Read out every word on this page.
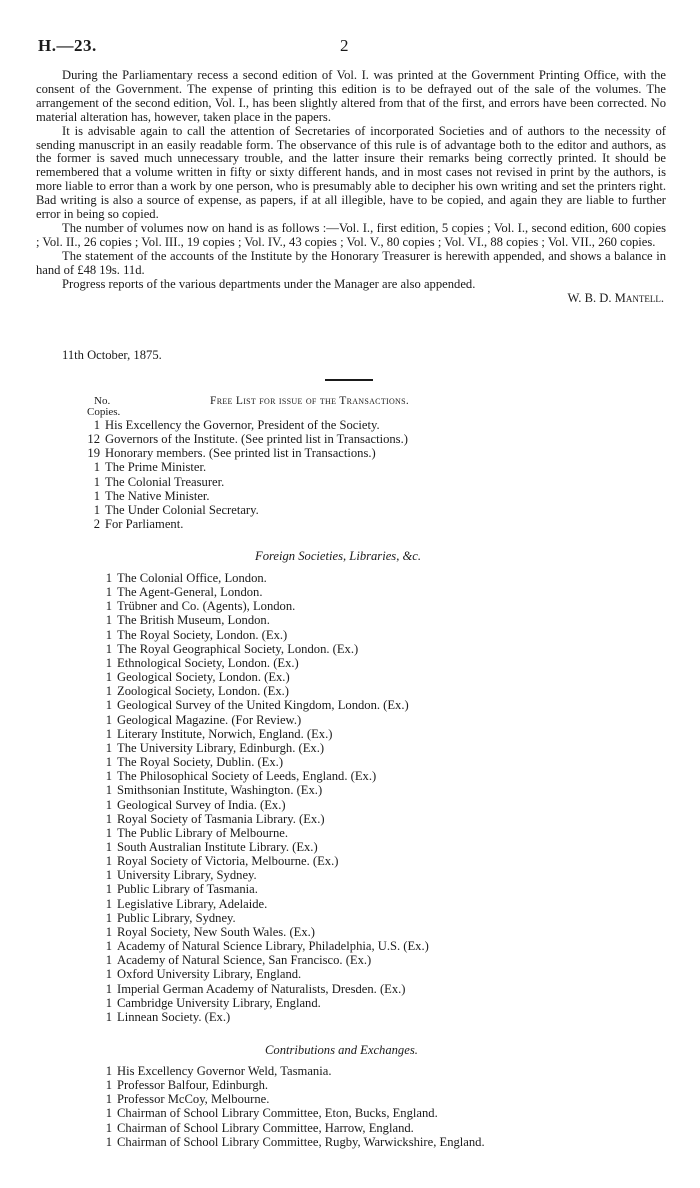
H.—23.	2

During the Parliamentary recess a second edition of Vol. I. was printed at the Government Printing Office, with the consent of the Government. The expense of printing this edition is to be defrayed out of the sale of the volumes. The arrangement of the second edition, Vol. I., has been slightly altered from that of the first, and errors have been corrected. No material alteration has, however, taken place in the papers.

It is advisable again to call the attention of Secretaries of incorporated Societies and of authors to the necessity of sending manuscript in an easily readable form. The observance of this rule is of advantage both to the editor and authors, as the former is saved much unnecessary trouble, and the latter insure their remarks being correctly printed. It should be remembered that a volume written in fifty or sixty different hands, and in most cases not revised in print by the authors, is more liable to error than a work by one person, who is presumably able to decipher his own writing and set the printers right. Bad writing is also a source of expense, as papers, if at all illegible, have to be copied, and again they are liable to further error in being so copied.

The number of volumes now on hand is as follows :—Vol. I., first edition, 5 copies ; Vol. I., second edition, 600 copies ; Vol. II., 26 copies ; Vol. III., 19 copies ; Vol. IV., 43 copies ; Vol. V., 80 copies ; Vol. VI., 88 copies ; Vol. VII., 260 copies.

The statement of the accounts of the Institute by the Honorary Treasurer is herewith appended, and shows a balance in hand of £48 19s. 11d.

Progress reports of the various departments under the Manager are also appended.

W. B. D. Mantell.
11th October, 1875.
No.
Copies.
Free List for issue of the Transactions.
1 His Excellency the Governor, President of the Society.
12 Governors of the Institute. (See printed list in Transactions.)
19 Honorary members. (See printed list in Transactions.)
1 The Prime Minister.
1 The Colonial Treasurer.
1 The Native Minister.
1 The Under Colonial Secretary.
2 For Parliament.
Foreign Societies, Libraries, &c.
1 The Colonial Office, London.
1 The Agent-General, London.
1 Trübner and Co. (Agents), London.
1 The British Museum, London.
1 The Royal Society, London. (Ex.)
1 The Royal Geographical Society, London. (Ex.)
1 Ethnological Society, London. (Ex.)
1 Geological Society, London. (Ex.)
1 Zoological Society, London. (Ex.)
1 Geological Survey of the United Kingdom, London. (Ex.)
1 Geological Magazine. (For Review.)
1 Literary Institute, Norwich, England. (Ex.)
1 The University Library, Edinburgh. (Ex.)
1 The Royal Society, Dublin. (Ex.)
1 The Philosophical Society of Leeds, England. (Ex.)
1 Smithsonian Institute, Washington. (Ex.)
1 Geological Survey of India. (Ex.)
1 Royal Society of Tasmania Library. (Ex.)
1 The Public Library of Melbourne.
1 South Australian Institute Library. (Ex.)
1 Royal Society of Victoria, Melbourne. (Ex.)
1 University Library, Sydney.
1 Public Library of Tasmania.
1 Legislative Library, Adelaide.
1 Public Library, Sydney.
1 Royal Society, New South Wales. (Ex.)
1 Academy of Natural Science Library, Philadelphia, U.S. (Ex.)
1 Academy of Natural Science, San Francisco. (Ex.)
1 Oxford University Library, England.
1 Imperial German Academy of Naturalists, Dresden. (Ex.)
1 Cambridge University Library, England.
1 Linnean Society. (Ex.)
Contributions and Exchanges.
1 His Excellency Governor Weld, Tasmania.
1 Professor Balfour, Edinburgh.
1 Professor McCoy, Melbourne.
1 Chairman of School Library Committee, Eton, Bucks, England.
1 Chairman of School Library Committee, Harrow, England.
1 Chairman of School Library Committee, Rugby, Warwickshire, England.
